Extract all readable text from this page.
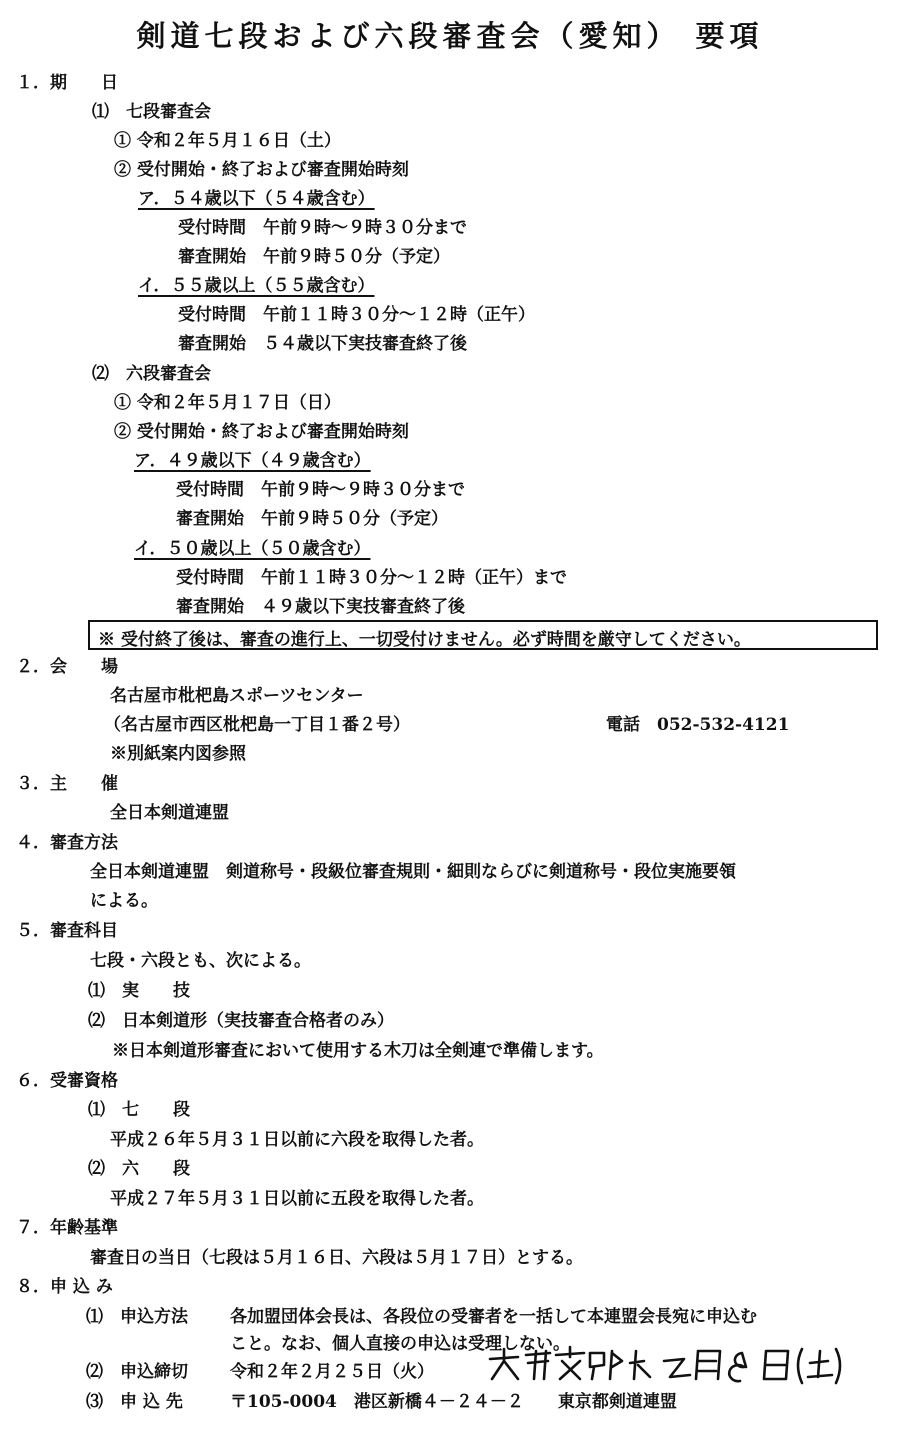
剣道七段および六段審査会（愛知） 要項
１．期　　日
⑴　七段審査会
① 令和２年５月１６日（土）
② 受付開始・終了および審査開始時刻
ア．５４歳以下（５４歳含む）
受付時間　午前９時～９時３０分まで
審査開始　午前９時５０分（予定）
イ．５５歳以上（５５歳含む）
受付時間　午前１１時３０分～１２時（正午）
審査開始　５４歳以下実技審査終了後
⑵　六段審査会
① 令和２年５月１７日（日）
② 受付開始・終了および審査開始時刻
ア．４９歳以下（４９歳含む）
受付時間　午前９時～９時３０分まで
審査開始　午前９時５０分（予定）
イ．５０歳以上（５０歳含む）
受付時間　午前１１時３０分～１２時（正午）まで
審査開始　４９歳以下実技審査終了後
※ 受付終了後は、審査の進行上、一切受付けません。必ず時間を厳守してください。
２．会　　場
名古屋市枇杷島スポーツセンター
（名古屋市西区枇杷島一丁目１番２号）	電話　052-532-4121
※別紙案内図参照
３．主　　催
全日本剣道連盟
４．審査方法
全日本剣道連盟　剣道称号・段級位審査規則・細則ならびに剣道称号・段位実施要領
による。
５．審査科目
七段・六段とも、次による。
⑴　実　　技
⑵　日本剣道形（実技審査合格者のみ）
※日本剣道形審査において使用する木刀は全剣連で準備します。
６．受審資格
⑴　七　　段
平成２６年５月３１日以前に六段を取得した者。
⑵　六　　段
平成２７年５月３１日以前に五段を取得した者。
７．年齢基準
審査日の当日（七段は５月１６日、六段は５月１７日）とする。
８．申 込 み
⑴　申込方法 各加盟団体会長は、各段位の受審者を一括して本連盟会長宛に申込む
こと。なお、個人直接の申込は受理しない。
⑵　申込締切 令和２年２月２５日（火）
⑶　申 込 先	〒105-0004　港区新橋４－２４－２　　東京都剣道連盟
